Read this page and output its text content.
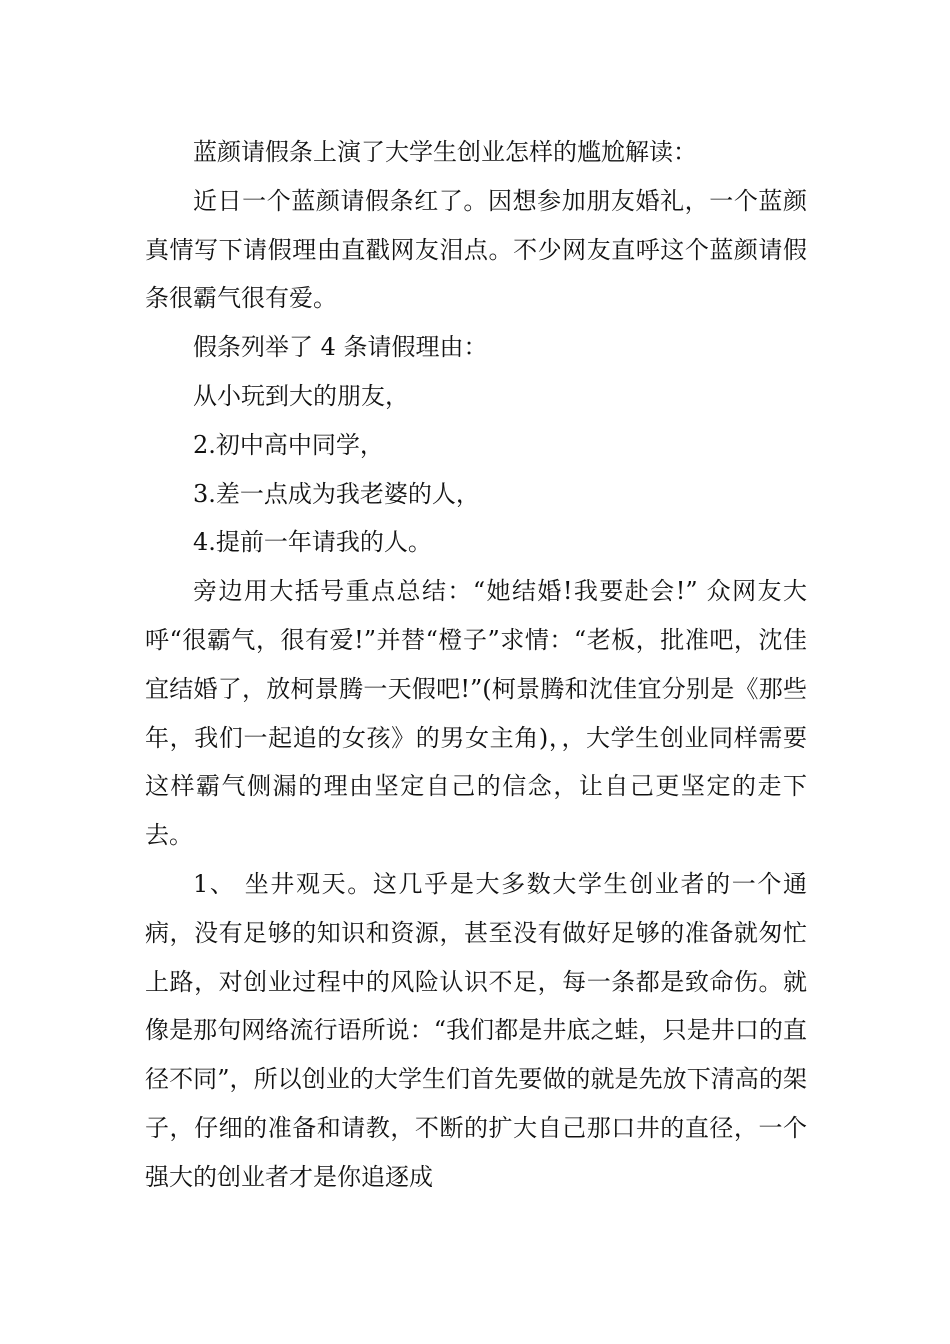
蓝颜请假条上演了大学生创业怎样的尴尬解读：

近日一个蓝颜请假条红了。因想参加朋友婚礼，一个蓝颜真情写下请假理由直戳网友泪点。不少网友直呼这个蓝颜请假条很霸气很有爱。

假条列举了 4 条请假理由：

从小玩到大的朋友，

2.初中高中同学，

3.差一点成为我老婆的人，

4.提前一年请我的人。

旁边用大括号重点总结：“她结婚!我要赴会!” 众网友大呼“很霸气，很有爱!”并替“橙子”求情：“老板，批准吧，沈佳宜结婚了，放柯景腾一天假吧!”(柯景腾和沈佳宜分别是《那些年，我们一起追的女孩》的男女主角)，，大学生创业同样需要这样霸气侧漏的理由坚定自己的信念，让自己更坚定的走下去。

1、 坐井观天。这几乎是大多数大学生创业者的一个通病，没有足够的知识和资源，甚至没有做好足够的准备就匆忙上路，对创业过程中的风险认识不足，每一条都是致命伤。就像是那句网络流行语所说：“我们都是井底之蛙，只是井口的直径不同”，所以创业的大学生们首先要做的就是先放下清高的架子，仔细的准备和请教，不断的扩大自己那口井的直径，一个强大的创业者才是你追逐成
